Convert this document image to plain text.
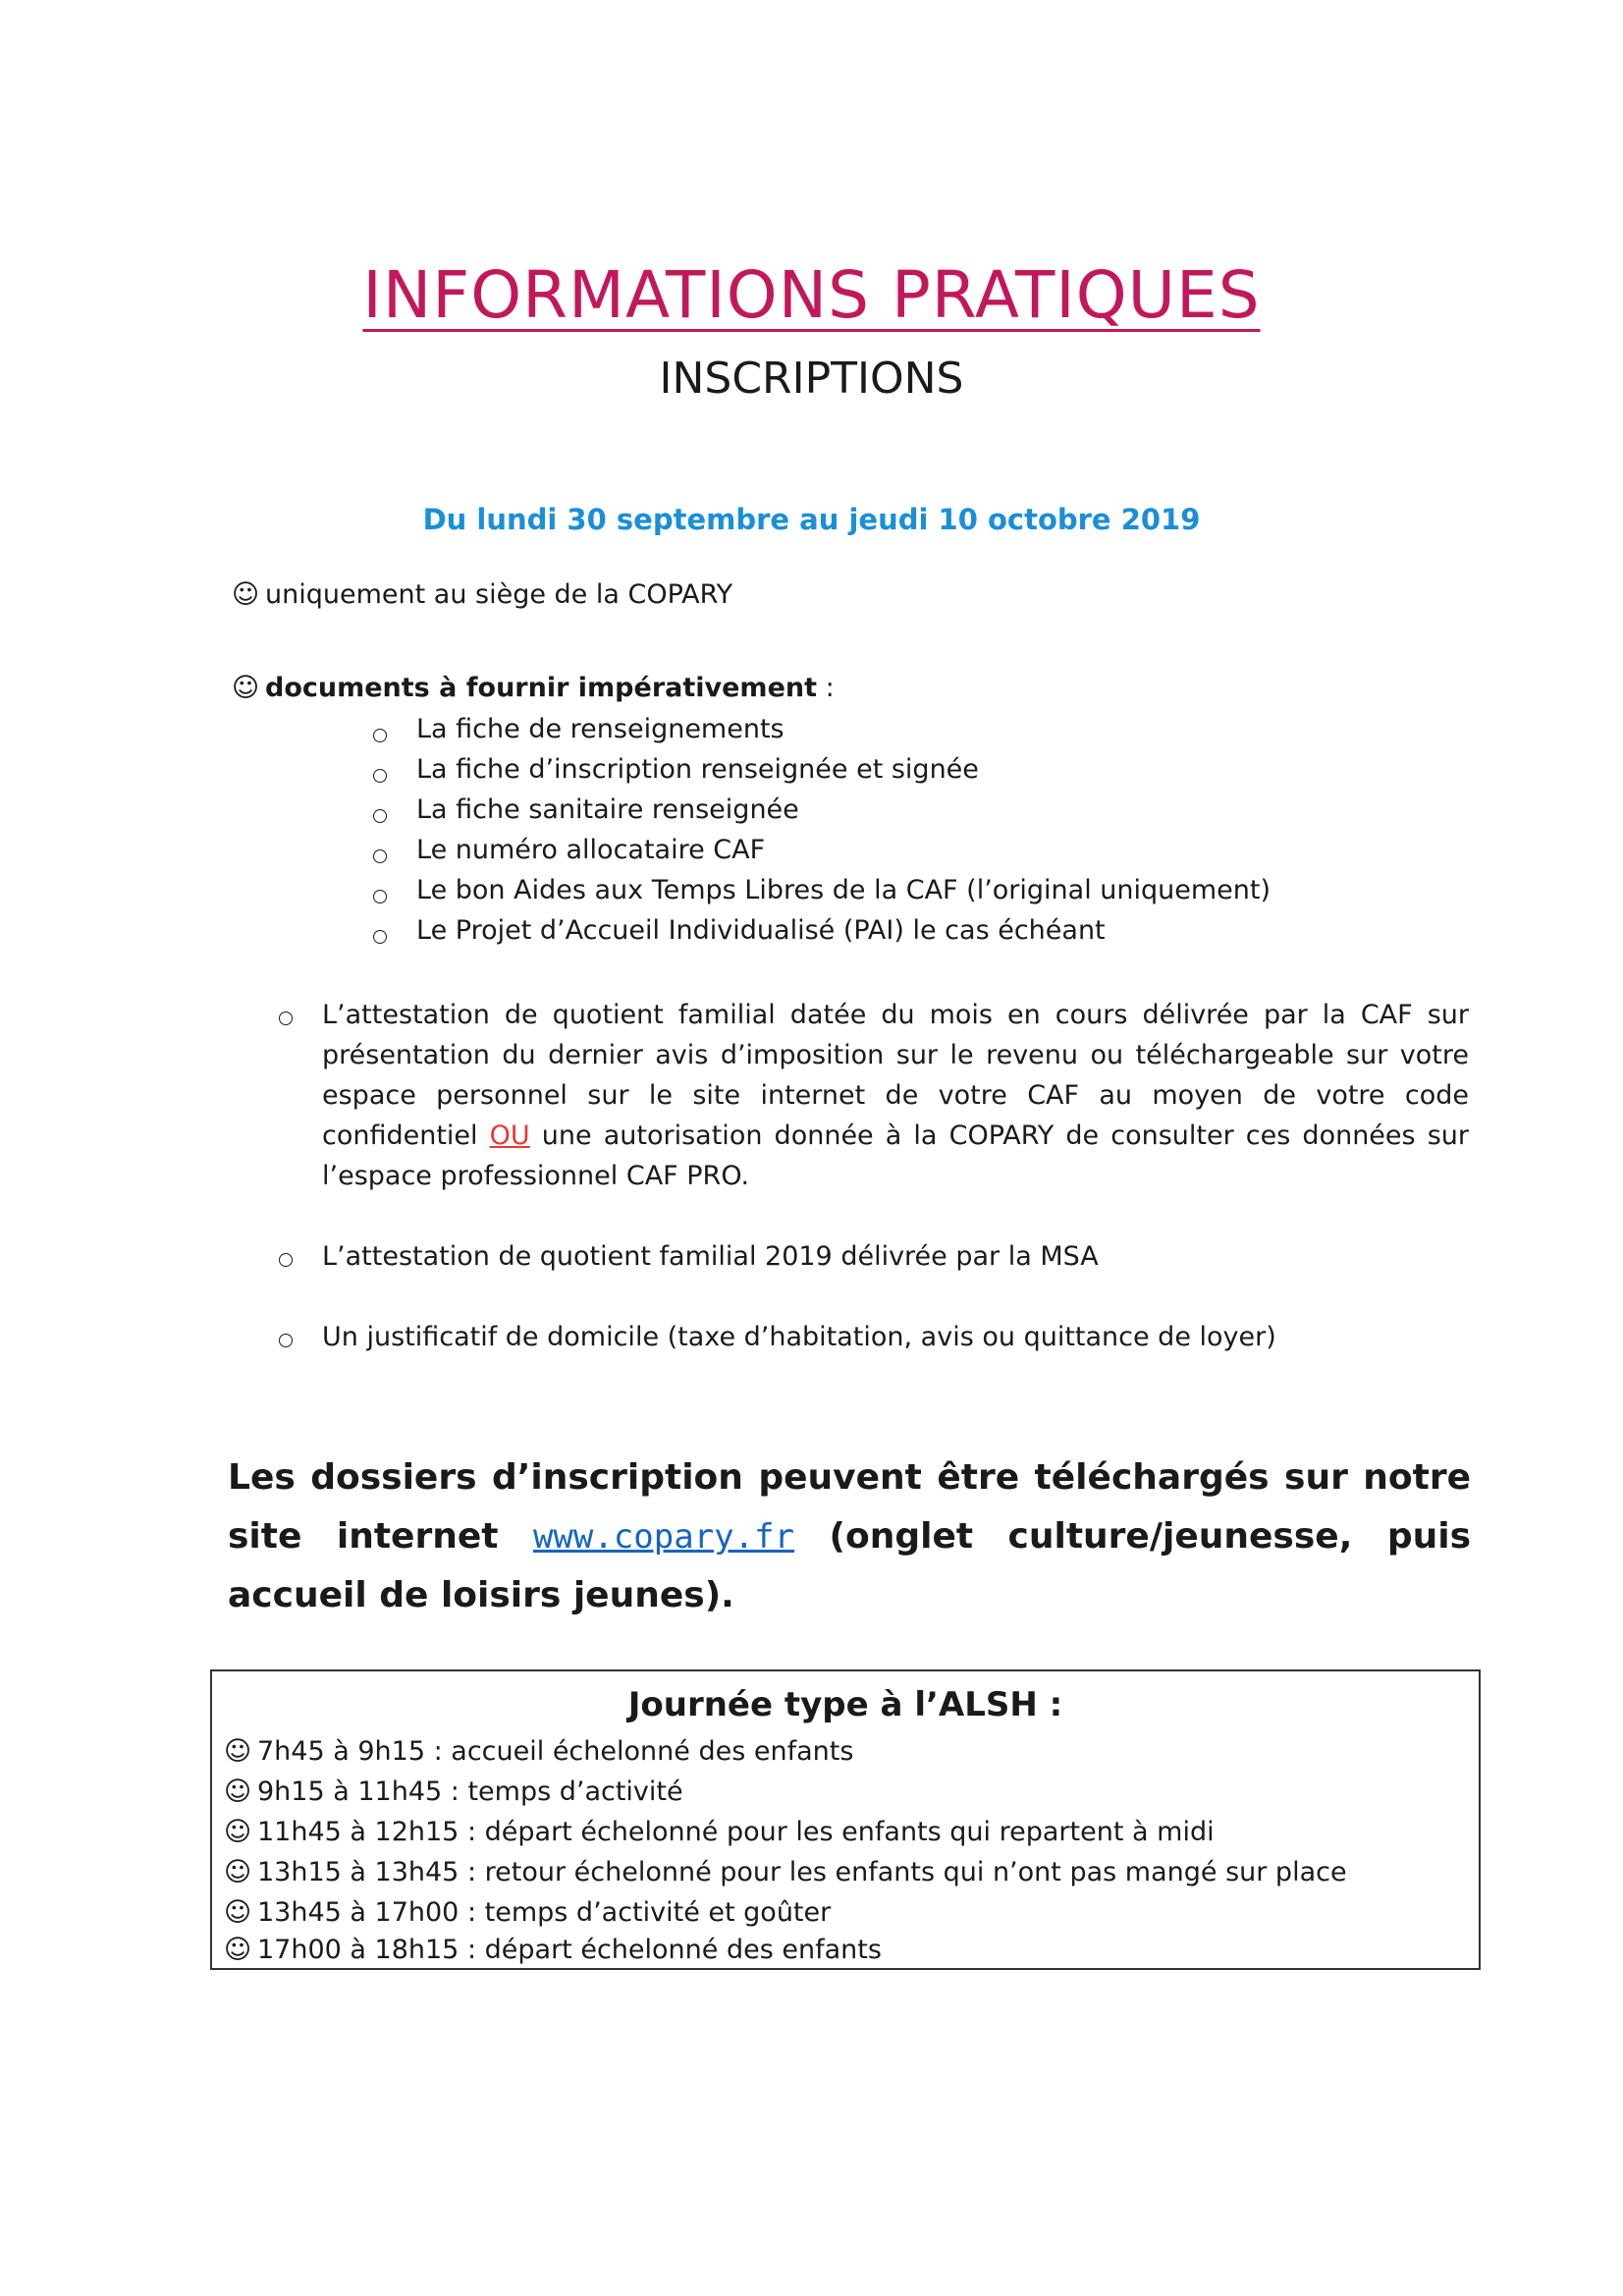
INFORMATIONS PRATIQUES
INSCRIPTIONS
Du lundi 30 septembre au jeudi 10 octobre 2019
☺ uniquement au siège de la COPARY
☺ documents à fournir impérativement :
La fiche de renseignements
La fiche d’inscription renseignée et signée
La fiche sanitaire renseignée
Le numéro allocataire CAF
Le bon Aides aux Temps Libres de la CAF (l’original uniquement)
Le Projet d’Accueil Individualisé (PAI) le cas échéant
L’attestation de quotient familial datée du mois en cours délivrée par la CAF sur présentation du dernier avis d’imposition sur le revenu ou téléchargeable sur votre espace personnel sur le site internet de votre CAF au moyen de votre code confidentiel OU une autorisation donnée à la COPARY de consulter ces données sur l’espace professionnel CAF PRO.
L’attestation de quotient familial 2019 délivrée par la MSA
Un justificatif de domicile (taxe d’habitation, avis ou quittance de loyer)
Les dossiers d’inscription peuvent être téléchargés sur notre site internet www.copary.fr (onglet culture/jeunesse, puis accueil de loisirs jeunes).
Journée type à l’ALSH :
☺ 7h45 à 9h15 : accueil échelonné des enfants
☺ 9h15 à 11h45 : temps d’activité
☺ 11h45 à 12h15 : départ échelonné pour les enfants qui repartent à midi
☺ 13h15 à 13h45 : retour échelonné pour les enfants qui n’ont pas mangé sur place
☺ 13h45 à 17h00 : temps d’activité et goûter
☺ 17h00 à 18h15 : départ échelonné des enfants
